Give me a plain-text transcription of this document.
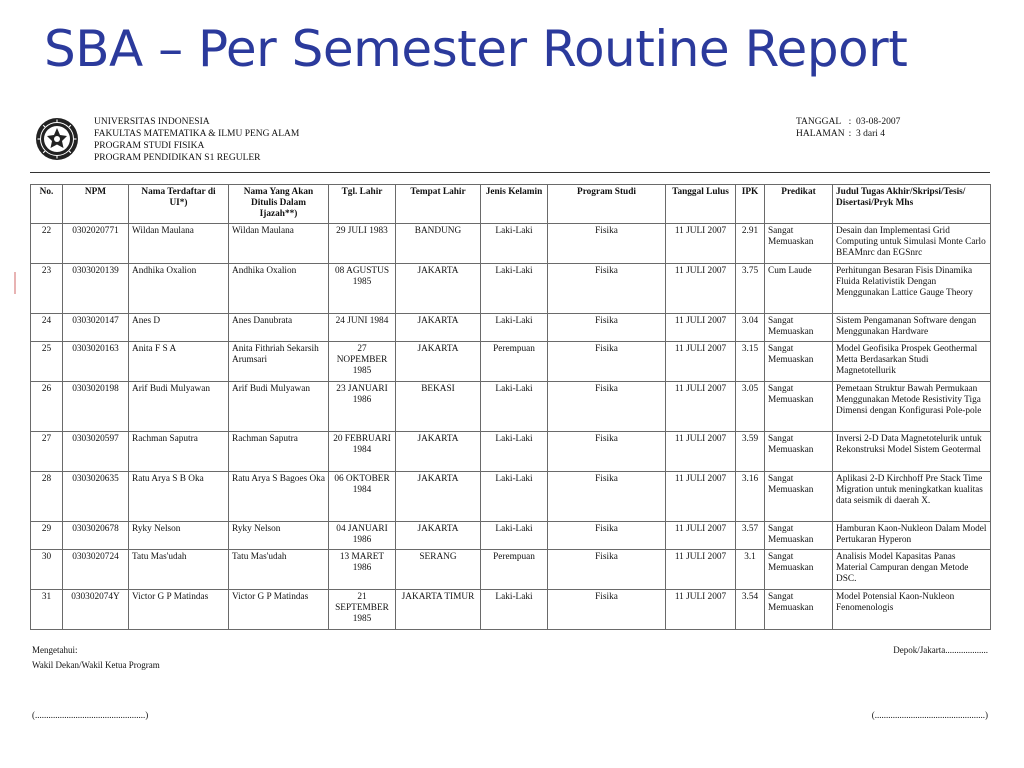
SBA – Per Semester Routine Report
UNIVERSITAS INDONESIA
FAKULTAS MATEMATIKA & ILMU PENG ALAM
PROGRAM STUDI FISIKA
PROGRAM PENDIDIKAN S1 REGULER
TANGGAL : 03-08-2007
HALAMAN : 3 dari 4
No.	NPM	Nama Terdaftar di UI*)	Nama Yang Akan Ditulis Dalam Ijazah**)	Tgl. Lahir	Tempat Lahir	Jenis Kelamin	Program Studi	Tanggal Lulus	IPK	Predikat	Judul Tugas Akhir/Skripsi/Tesis/ Disertasi/Pryk Mhs
22	0302020771	Wildan Maulana	Wildan Maulana	29 JULI 1983	BANDUNG	Laki-Laki	Fisika	11 JULI 2007	2.91	Sangat Memuaskan	Desain dan Implementasi Grid Computing untuk Simulasi Monte Carlo BEAMnrc dan EGSnrc
23	0303020139	Andhika Oxalion	Andhika Oxalion	08 AGUSTUS 1985	JAKARTA	Laki-Laki	Fisika	11 JULI 2007	3.75	Cum Laude	Perhitungan Besaran Fisis Dinamika Fluida Relativistik Dengan Menggunakan Lattice Gauge Theory
24	0303020147	Anes D	Anes Danubrata	24 JUNI 1984	JAKARTA	Laki-Laki	Fisika	11 JULI 2007	3.04	Sangat Memuaskan	Sistem Pengamanan Software dengan Menggunakan Hardware
25	0303020163	Anita F S A	Anita Fithriah Sekarsih Arumsari	27 NOPEMBER 1985	JAKARTA	Perempuan	Fisika	11 JULI 2007	3.15	Sangat Memuaskan	Model Geofisika Prospek Geothermal Metta Berdasarkan Studi Magnetotellurik
26	0303020198	Arif Budi Mulyawan	Arif Budi Mulyawan	23 JANUARI 1986	BEKASI	Laki-Laki	Fisika	11 JULI 2007	3.05	Sangat Memuaskan	Pemetaan Struktur Bawah Permukaan Menggunakan Metode Resistivity Tiga Dimensi dengan Konfigurasi Pole-pole
27	0303020597	Rachman Saputra	Rachman Saputra	20 FEBRUARI 1984	JAKARTA	Laki-Laki	Fisika	11 JULI 2007	3.59	Sangat Memuaskan	Inversi 2-D Data Magnetotelurik untuk Rekonstruksi Model Sistem Geotermal
28	0303020635	Ratu Arya S B Oka	Ratu Arya S Bagoes Oka	06 OKTOBER 1984	JAKARTA	Laki-Laki	Fisika	11 JULI 2007	3.16	Sangat Memuaskan	Aplikasi 2-D Kirchhoff Pre Stack Time Migration untuk meningkatkan kualitas data seismik di daerah X.
29	0303020678	Ryky Nelson	Ryky Nelson	04 JANUARI 1986	JAKARTA	Laki-Laki	Fisika	11 JULI 2007	3.57	Sangat Memuaskan	Hamburan Kaon-Nukleon Dalam Model Pertukaran Hyperon
30	0303020724	Tatu Mas'udah	Tatu Mas'udah	13 MARET 1986	SERANG	Perempuan	Fisika	11 JULI 2007	3.1	Sangat Memuaskan	Analisis Model Kapasitas Panas Material Campuran dengan Metode DSC.
31	030302074Y	Victor G P Matindas	Victor G P Matindas	21 SEPTEMBER 1985	JAKARTA TIMUR	Laki-Laki	Fisika	11 JULI 2007	3.54	Sangat Memuaskan	Model Potensial Kaon-Nukleon Fenomenologis
Mengetahui:
Wakil Dekan/Wakil Ketua Program
Depok/Jakarta...................
(.................................................)	(.................................................)
